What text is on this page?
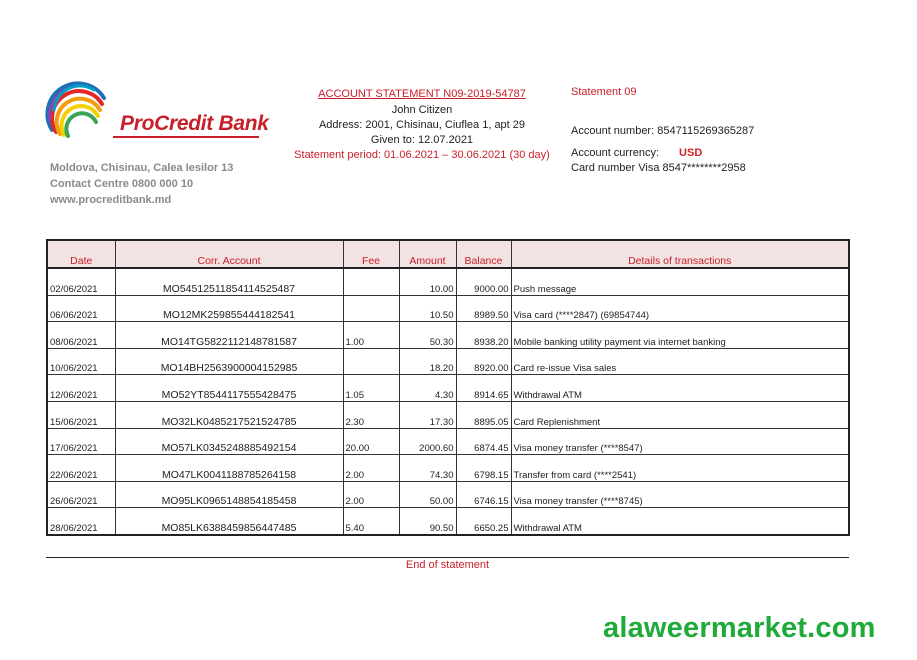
ProCredit Bank
Moldova, Chisinau, Calea Iesilor 13
Contact Centre 0800 000 10
www.procreditbank.md
ACCOUNT STATEMENT N09-2019-54787
John Citizen
Address: 2001, Chisinau, Ciuflea 1, apt 29
Given to: 12.07.2021
Statement period: 01.06.2021 – 30.06.2021 (30 day)
Statement 09
Account number: 8547115269365287
Account currency: USD
Card number Visa 8547********2958
Date	Corr. Account	Fee	Amount	Balance	Details of transactions
02/06/2021	MO54512511854114525487		10.00	9000.00	Push message
06/06/2021	MO12MK259855444182541		10.50	8989.50	Visa card (****2847) (69854744)
08/06/2021	MO14TG5822112148781587	1.00	50.30	8938.20	Mobile banking utility payment via internet banking
10/06/2021	MO14BH2563900004152985		18.20	8920.00	Card re-issue Visa sales
12/06/2021	MO52YT8544117555428475	1.05	4.30	8914.65	Withdrawal ATM
15/06/2021	MO32LK0485217521524785	2.30	17.30	8895.05	Card Replenishment
17/06/2021	MO57LK0345248885492154	20.00	2000.60	6874.45	Visa money transfer (****8547)
22/06/2021	MO47LK0041188785264158	2.00	74.30	6798.15	Transfer from card (****2541)
26/06/2021	MO95LK0965148854185458	2.00	50.00	6746.15	Visa money transfer (****8745)
28/06/2021	MO85LK6388459856447485	5.40	90.50	6650.25	Withdrawal ATM
End of statement
alaweermarket.com
